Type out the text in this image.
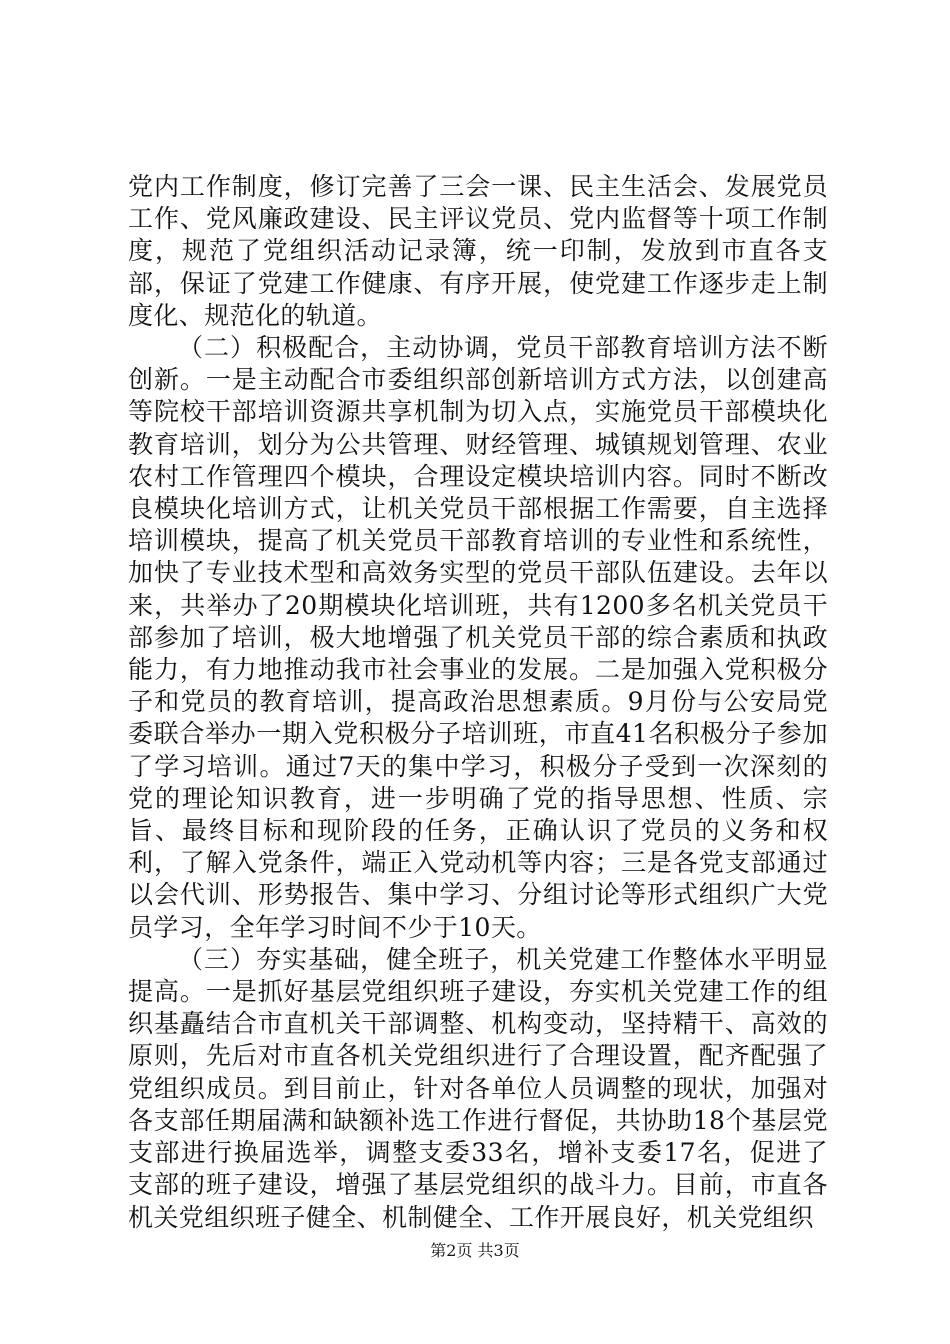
党内工作制度，修订完善了三会一课、民主生活会、发展党员工作、党风廉政建设、民主评议党员、党内监督等十项工作制度，规范了党组织活动记录簿，统一印制，发放到市直各支部，保证了党建工作健康、有序开展，使党建工作逐步走上制度化、规范化的轨道。

（二）积极配合，主动协调，党员干部教育培训方法不断创新。一是主动配合市委组织部创新培训方式方法，以创建高等院校干部培训资源共享机制为切入点，实施党员干部模块化教育培训，划分为公共管理、财经管理、城镇规划管理、农业农村工作管理四个模块，合理设定模块培训内容。同时不断改良模块化培训方式，让机关党员干部根据工作需要，自主选择培训模块，提高了机关党员干部教育培训的专业性和系统性，加快了专业技术型和高效务实型的党员干部队伍建设。去年以来，共举办了20期模块化培训班，共有1200多名机关党员干部参加了培训，极大地增强了机关党员干部的综合素质和执政能力，有力地推动我市社会事业的发展。二是加强入党积极分子和党员的教育培训，提高政治思想素质。9月份与公安局党委联合举办一期入党积极分子培训班，市直41名积极分子参加了学习培训。通过7天的集中学习，积极分子受到一次深刻的党的理论知识教育，进一步明确了党的指导思想、性质、宗旨、最终目标和现阶段的任务，正确认识了党员的义务和权利，了解入党条件，端正入党动机等内容；三是各党支部通过以会代训、形势报告、集中学习、分组讨论等形式组织广大党员学习，全年学习时间不少于10天。

（三）夯实基础，健全班子，机关党建工作整体水平明显提高。一是抓好基层党组织班子建设，夯实机关党建工作的组织基矗结合市直机关干部调整、机构变动，坚持精干、高效的原则，先后对市直各机关党组织进行了合理设置，配齐配强了党组织成员。到目前止，针对各单位人员调整的现状，加强对各支部任期届满和缺额补选工作进行督促，共协助18个基层党支部进行换届选举，调整支委33名，增补支委17名，促进了支部的班子建设，增强了基层党组织的战斗力。目前，市直各机关党组织班子健全、机制健全、工作开展良好，机关党组织

第2页 共3页
